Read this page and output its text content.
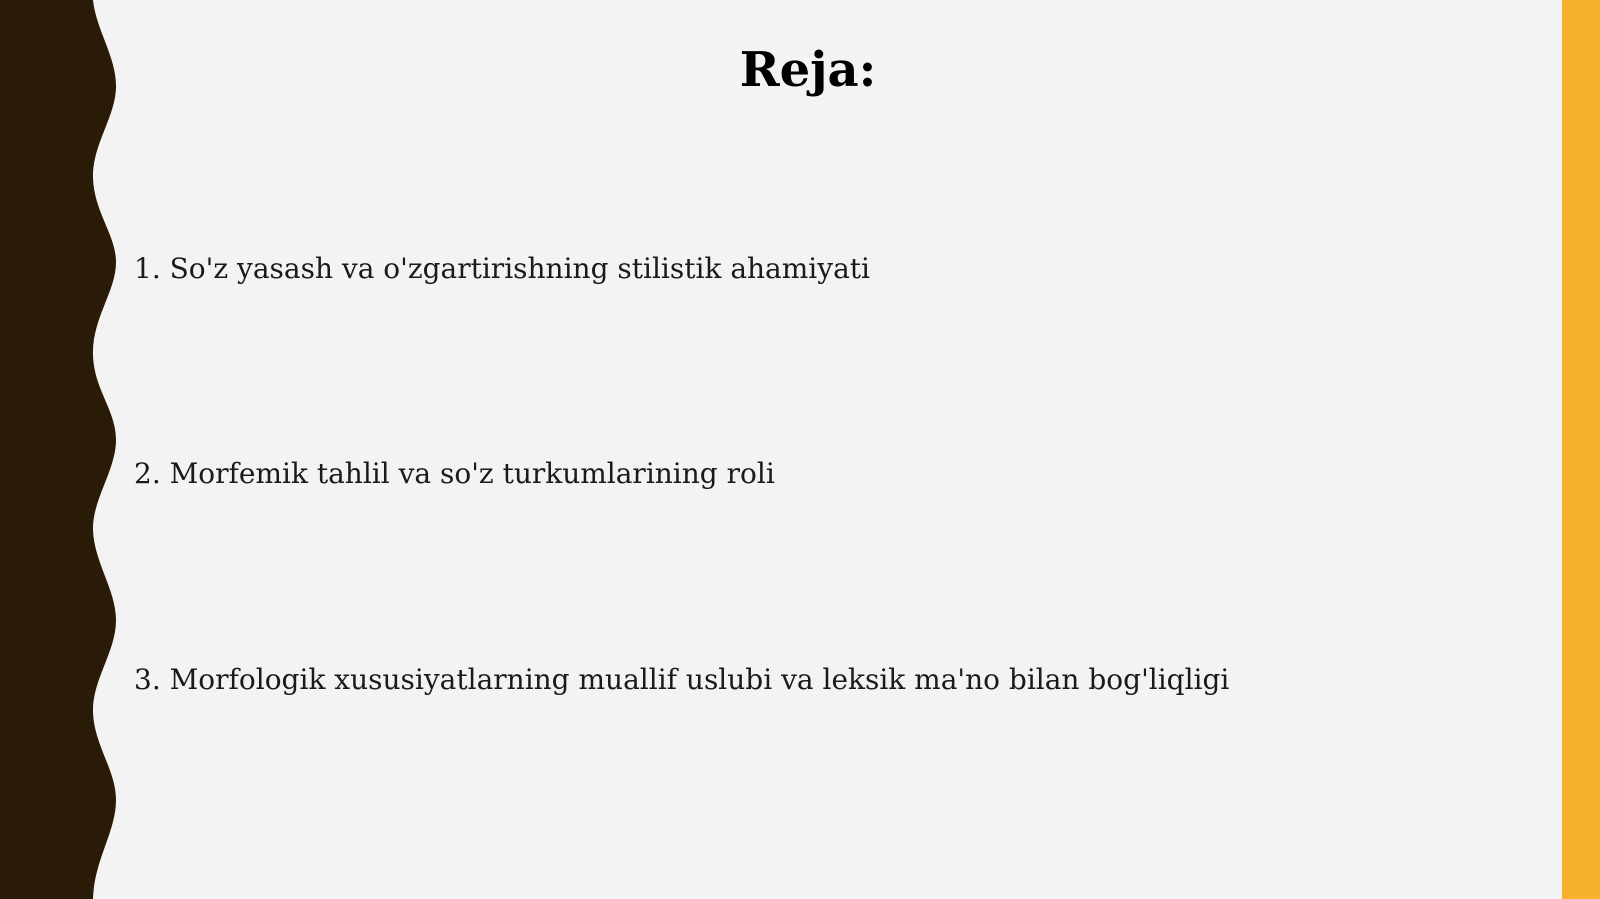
Reja:
1. So'z yasash va o'zgartirishning stilistik ahamiyati
2. Morfemik tahlil va so'z turkumlarining roli
3. Morfologik xususiyatlarning muallif uslubi va leksik ma'no bilan bog'liqligi
